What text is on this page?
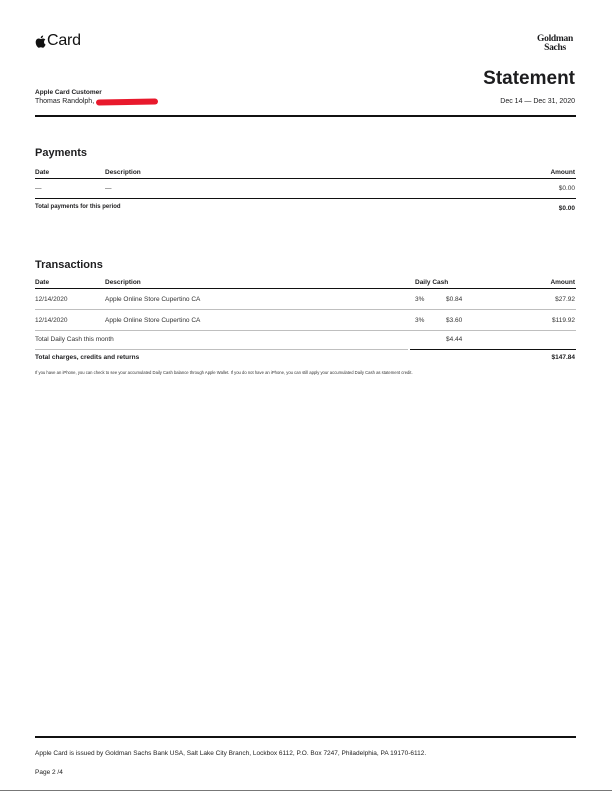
Card	Goldman
Sachs
Apple Card Customer
Thomas Randolph,
Statement
Dec 14 — Dec 31, 2020
Payments
Date	Description	Amount
—	—	$0.00
Total payments for this period	$0.00
Transactions
Date	Description	Daily Cash	Amount
12/14/2020	Apple Online Store Cupertino CA	3%	$0.84	$27.92
12/14/2020	Apple Online Store Cupertino CA	3%	$3.60	$119.92
Total Daily Cash this month	$4.44
Total charges, credits and returns	$147.84
If you have an iPhone, you can check to see your accumulated Daily Cash balance through Apple Wallet. If you do not have an iPhone, you can still apply your accumulated Daily Cash as statement credit.
Apple Card is issued by Goldman Sachs Bank USA, Salt Lake City Branch, Lockbox 6112, P.O. Box 7247, Philadelphia, PA 19170-6112.
Page 2 /4
